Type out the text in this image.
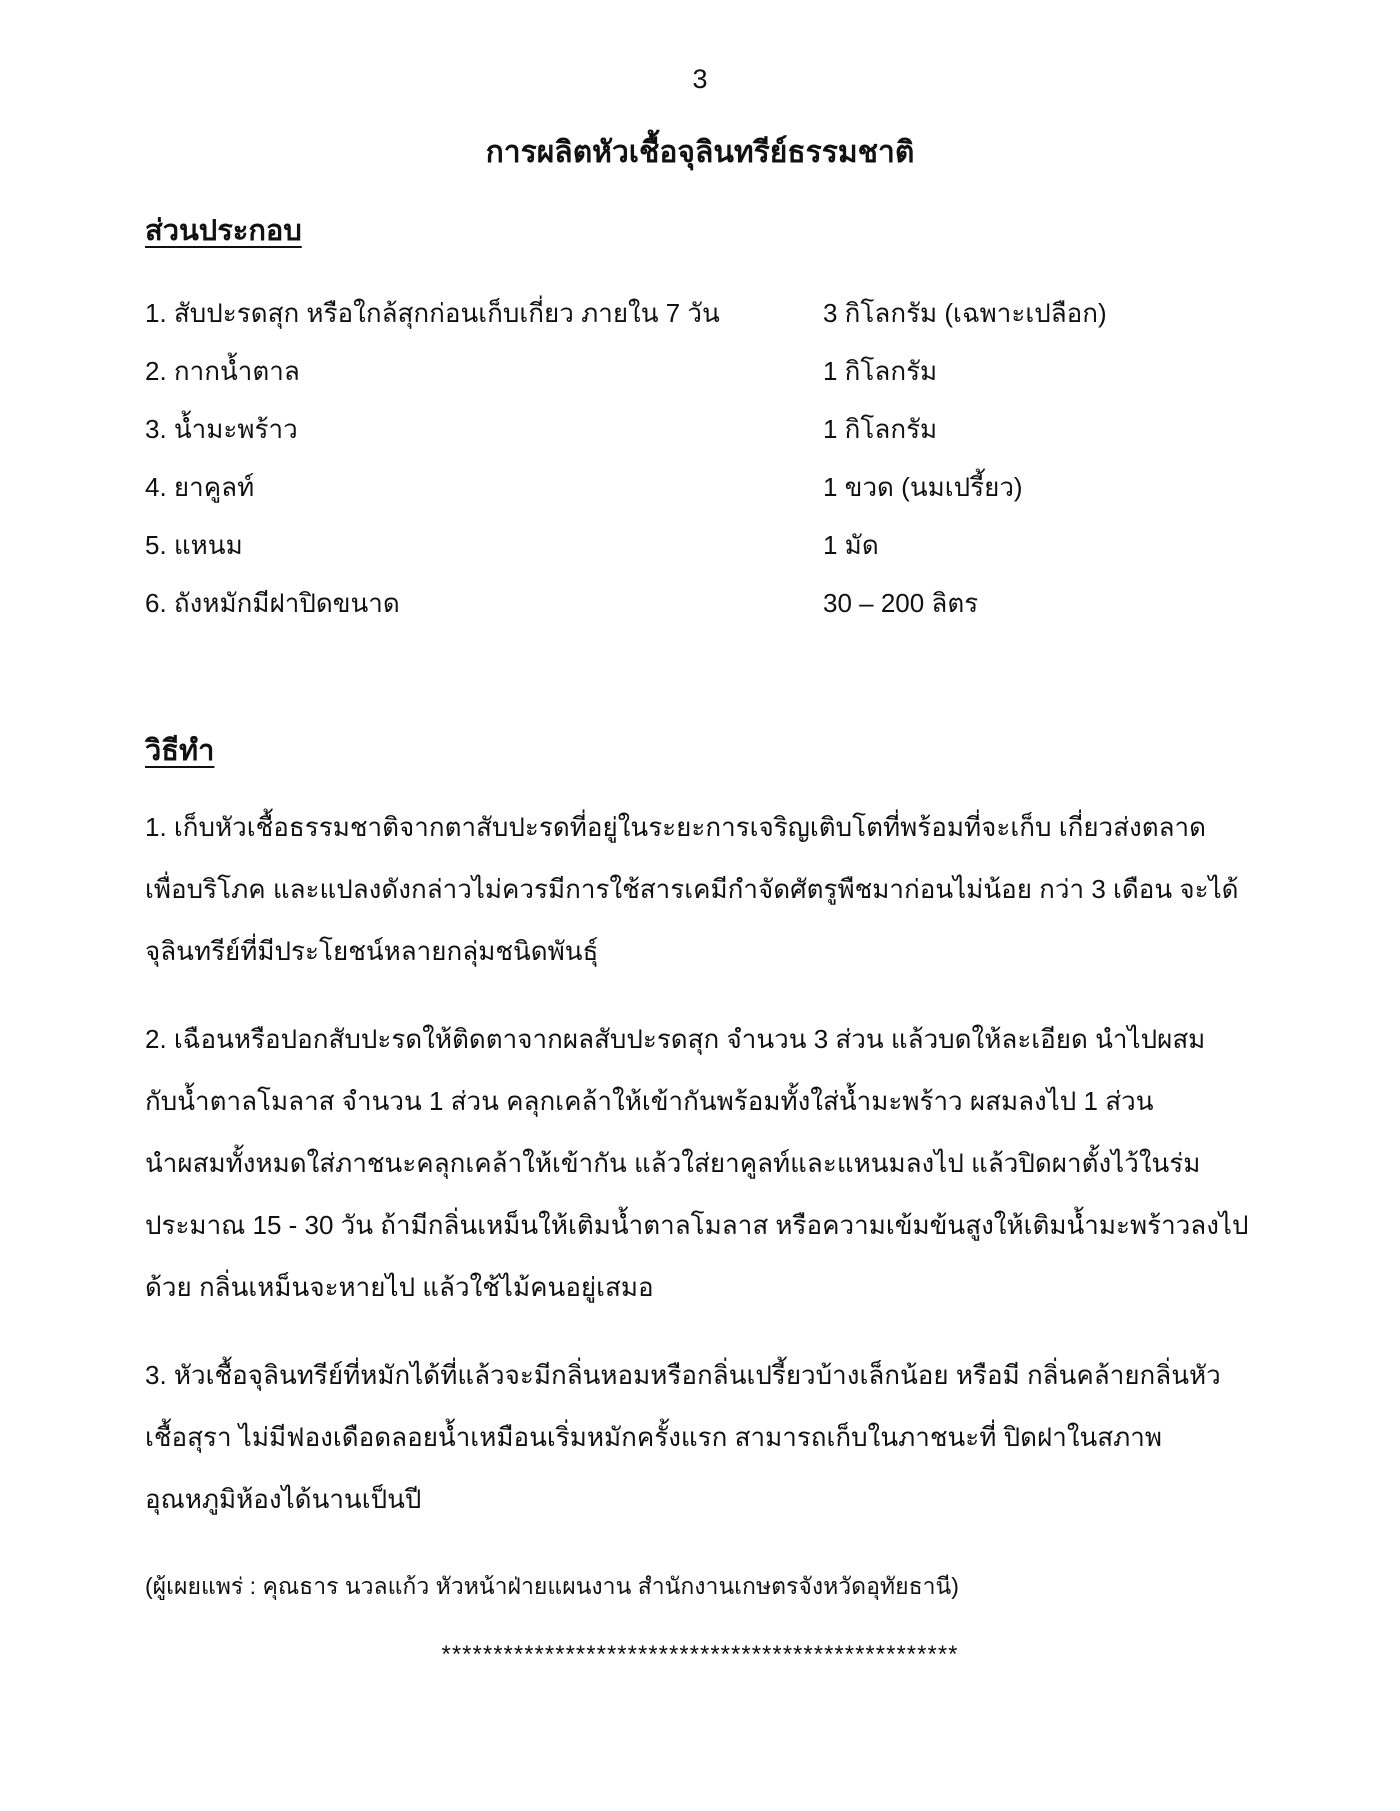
3
การผลิตหัวเชื้อจุลินทรีย์ธรรมชาติ
ส่วนประกอบ
1. สับปะรดสุก หรือใกล้สุกก่อนเก็บเกี่ยว ภายใน 7 วัน	3 กิโลกรัม (เฉพาะเปลือก)
2. กากน้ำตาล	1 กิโลกรัม
3. น้ำมะพร้าว	1 กิโลกรัม
4. ยาคูลท์	1 ขวด (นมเปรี้ยว)
5. แหนม	1 มัด
6. ถังหมักมีฝาปิดขนาด	30 – 200 ลิตร
วิธีทำ
1. เก็บหัวเชื้อธรรมชาติจากตาสับปะรดที่อยู่ในระยะการเจริญเติบโตที่พร้อมที่จะเก็บ เกี่ยวส่งตลาด
เพื่อบริโภค และแปลงดังกล่าวไม่ควรมีการใช้สารเคมีกำจัดศัตรูพืชมาก่อนไม่น้อย กว่า 3 เดือน จะได้
จุลินทรีย์ที่มีประโยชน์หลายกลุ่มชนิดพันธุ์
2. เฉือนหรือปอกสับปะรดให้ติดตาจากผลสับปะรดสุก จำนวน 3 ส่วน แล้วบดให้ละเอียด นำไปผสม
กับน้ำตาลโมลาส จำนวน 1 ส่วน คลุกเคล้าให้เข้ากันพร้อมทั้งใส่น้ำมะพร้าว ผสมลงไป 1 ส่วน
นำผสมทั้งหมดใส่ภาชนะคลุกเคล้าให้เข้ากัน แล้วใส่ยาคูลท์และแหนมลงไป แล้วปิดผาตั้งไว้ในร่ม
ประมาณ 15 - 30 วัน ถ้ามีกลิ่นเหม็นให้เติมน้ำตาลโมลาส หรือความเข้มข้นสูงให้เติมน้ำมะพร้าวลงไป
ด้วย กลิ่นเหม็นจะหายไป แล้วใช้ไม้คนอยู่เสมอ
3. หัวเชื้อจุลินทรีย์ที่หมักได้ที่แล้วจะมีกลิ่นหอมหรือกลิ่นเปรี้ยวบ้างเล็กน้อย หรือมี กลิ่นคล้ายกลิ่นหัว
เชื้อสุรา ไม่มีฟองเดือดลอยน้ำเหมือนเริ่มหมักครั้งแรก สามารถเก็บในภาชนะที่ ปิดฝาในสภาพ
อุณหภูมิห้องได้นานเป็นปี
(ผู้เผยแพร่ : คุณธาร นวลแก้ว หัวหน้าฝ่ายแผนงาน สำนักงานเกษตรจังหวัดอุทัยธานี)
**************************************************
